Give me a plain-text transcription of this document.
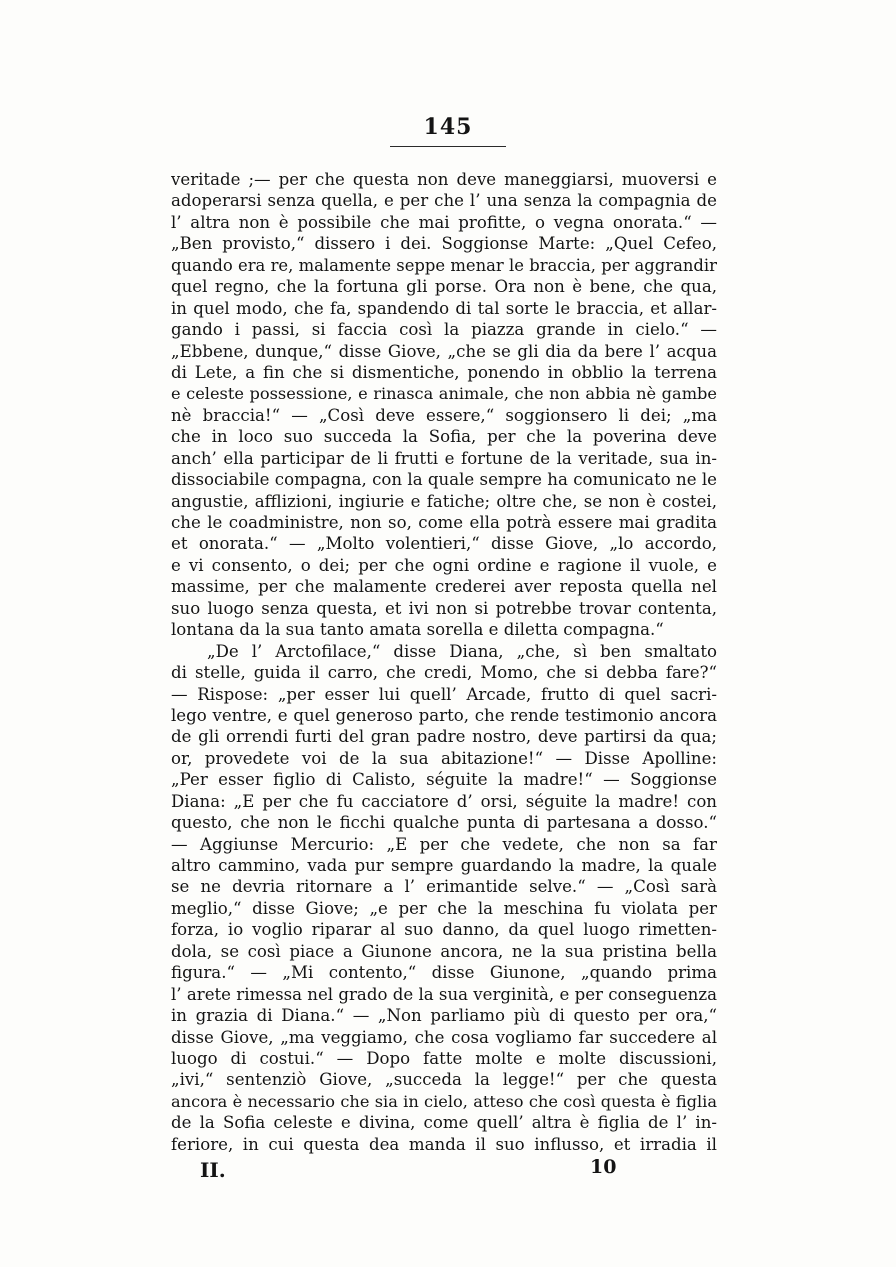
145
veritade ;— per che questa non deve maneggiarsi, muoversi e
adoperarsi senza quella, e per che l’ una senza la compagnia de
l’ altra non è possibile che mai profitte, o vegna onorata.“ —
„Ben provisto,“ dissero i dei. Soggionse Marte: „Quel Cefeo,
quando era re, malamente seppe menar le braccia, per aggrandir
quel regno, che la fortuna gli porse. Ora non è bene, che qua,
in quel modo, che fa, spandendo di tal sorte le braccia, et allar-
gando i passi, si faccia così la piazza grande in cielo.“ —
„Ebbene, dunque,“ disse Giove, „che se gli dia da bere l’ acqua
di Lete, a fin che si dismentiche, ponendo in obblio la terrena
e celeste possessione, e rinasca animale, che non abbia nè gambe
nè braccia!“ — „Così deve essere,“ soggionsero li dei; „ma
che in loco suo succeda la Sofia, per che la poverina deve
anch’ ella participar de li frutti e fortune de la veritade, sua in-
dissociabile compagna, con la quale sempre ha comunicato ne le
angustie, afflizioni, ingiurie e fatiche; oltre che, se non è costei,
che le coadministre, non so, come ella potrà essere mai gradita
et onorata.“ — „Molto volentieri,“ disse Giove, „lo accordo,
e vi consento, o dei; per che ogni ordine e ragione il vuole, e
massime, per che malamente crederei aver reposta quella nel
suo luogo senza questa, et ivi non si potrebbe trovar contenta,
lontana da la sua tanto amata sorella e diletta compagna.“
„De l’ Arctofilace,“ disse Diana, „che, sì ben smaltato
di stelle, guida il carro, che credi, Momo, che si debba fare?“
— Rispose: „per esser lui quell’ Arcade, frutto di quel sacri-
lego ventre, e quel generoso parto, che rende testimonio ancora
de gli orrendi furti del gran padre nostro, deve partirsi da qua;
or, provedete voi de la sua abitazione!“ — Disse Apolline:
„Per esser figlio di Calisto, séguite la madre!“ — Soggionse
Diana: „E per che fu cacciatore d’ orsi, séguite la madre! con
questo, che non le ficchi qualche punta di partesana a dosso.“
— Aggiunse Mercurio: „E per che vedete, che non sa far
altro cammino, vada pur sempre guardando la madre, la quale
se ne devria ritornare a l’ erimantide selve.“ — „Così sarà
meglio,“ disse Giove; „e per che la meschina fu violata per
forza, io voglio riparar al suo danno, da quel luogo rimetten-
dola, se così piace a Giunone ancora, ne la sua pristina bella
figura.“ — „Mi contento,“ disse Giunone, „quando prima
l’ arete rimessa nel grado de la sua verginità, e per conseguenza
in grazia di Diana.“ — „Non parliamo più di questo per ora,“
disse Giove, „ma veggiamo, che cosa vogliamo far succedere al
luogo di costui.“ — Dopo fatte molte e molte discussioni,
„ivi,“ sentenziò Giove, „succeda la legge!“ per che questa
ancora è necessario che sia in cielo, atteso che così questa è figlia
de la Sofia celeste e divina, come quell’ altra è figlia de l’ in-
feriore, in cui questa dea manda il suo influsso, et irradia il
II.	10
